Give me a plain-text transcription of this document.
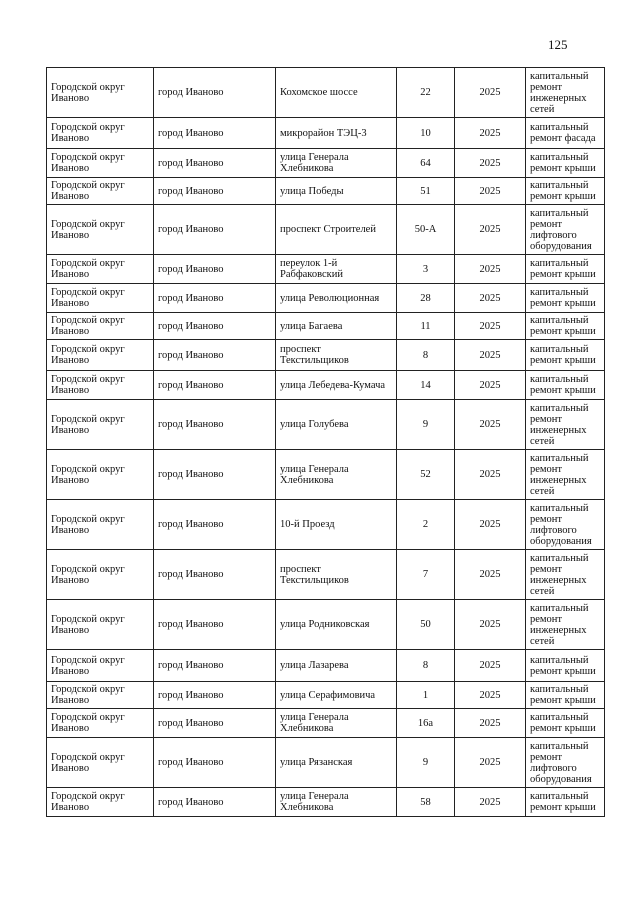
125
Городской округ Иваново	город Иваново	Кохомское шоссе	22	2025	капитальный ремонт инженерных сетей
Городской округ Иваново	город Иваново	микрорайон ТЭЦ-3	10	2025	капитальный ремонт фасада
Городской округ Иваново	город Иваново	улица Генерала Хлебникова	64	2025	капитальный ремонт крыши
Городской округ Иваново	город Иваново	улица Победы	51	2025	капитальный ремонт крыши
Городской округ Иваново	город Иваново	проспект Строителей	50-А	2025	капитальный ремонт лифтового оборудования
Городской округ Иваново	город Иваново	переулок 1-й Рабфаковский	3	2025	капитальный ремонт крыши
Городской округ Иваново	город Иваново	улица Революционная	28	2025	капитальный ремонт крыши
Городской округ Иваново	город Иваново	улица Багаева	11	2025	капитальный ремонт крыши
Городской округ Иваново	город Иваново	проспект Текстильщиков	8	2025	капитальный ремонт крыши
Городской округ Иваново	город Иваново	улица Лебедева-Кумача	14	2025	капитальный ремонт крыши
Городской округ Иваново	город Иваново	улица Голубева	9	2025	капитальный ремонт инженерных сетей
Городской округ Иваново	город Иваново	улица Генерала Хлебникова	52	2025	капитальный ремонт инженерных сетей
Городской округ Иваново	город Иваново	10-й Проезд	2	2025	капитальный ремонт лифтового оборудования
Городской округ Иваново	город Иваново	проспект Текстильщиков	7	2025	капитальный ремонт инженерных сетей
Городской округ Иваново	город Иваново	улица Родниковская	50	2025	капитальный ремонт инженерных сетей
Городской округ Иваново	город Иваново	улица Лазарева	8	2025	капитальный ремонт крыши
Городской округ Иваново	город Иваново	улица Серафимовича	1	2025	капитальный ремонт крыши
Городской округ Иваново	город Иваново	улица Генерала Хлебникова	16а	2025	капитальный ремонт крыши
Городской округ Иваново	город Иваново	улица Рязанская	9	2025	капитальный ремонт лифтового оборудования
Городской округ Иваново	город Иваново	улица Генерала Хлебникова	58	2025	капитальный ремонт крыши
